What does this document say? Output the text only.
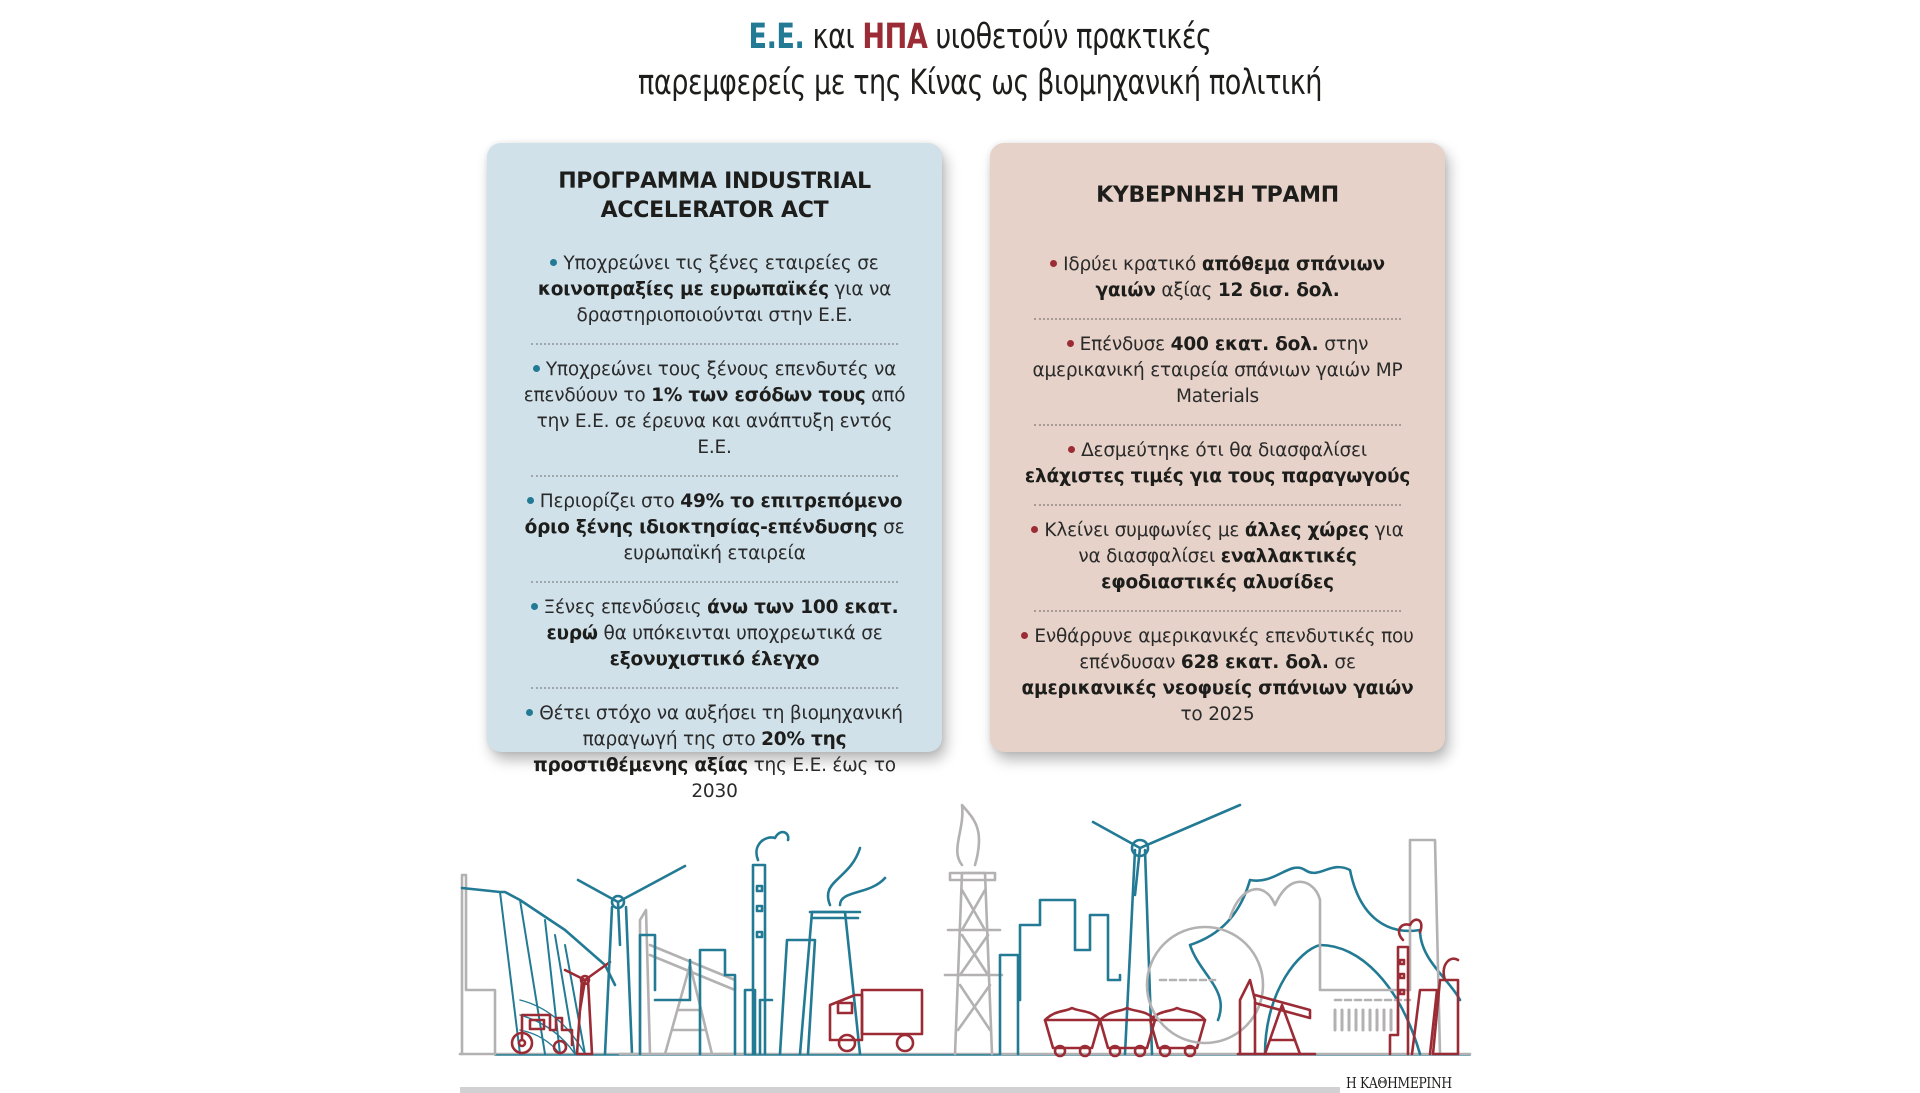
Ε.Ε. και ΗΠΑ υιοθετούν πρακτικές
παρεμφερείς με της Κίνας ως βιομηχανική πολιτική
ΠΡΟΓΡΑΜΜΑ INDUSTRIAL
ACCELERATOR ACT
Υποχρεώνει τις ξένες εταιρείες σε κοινοπραξίες με ευρωπαϊκές για να δραστηριοποιούνται στην Ε.Ε.
Υποχρεώνει τους ξένους επενδυτές να επενδύουν το 1% των εσόδων τους από την Ε.Ε. σε έρευνα και ανάπτυξη εντός Ε.Ε.
Περιορίζει στο 49% το επιτρεπόμενο όριο ξένης ιδιοκτησίας-επένδυσης σε ευρωπαϊκή εταιρεία
Ξένες επενδύσεις άνω των 100 εκατ. ευρώ θα υπόκεινται υποχρεωτικά σε εξονυχιστικό έλεγχο
Θέτει στόχο να αυξήσει τη βιομηχανική παραγωγή της στο 20% της προστιθέμενης αξίας της Ε.Ε. έως το 2030
ΚΥΒΕΡΝΗΣΗ ΤΡΑΜΠ
Ιδρύει κρατικό απόθεμα σπάνιων γαιών αξίας 12 δισ. δολ.
Επένδυσε 400 εκατ. δολ. στην αμερικανική εταιρεία σπάνιων γαιών MP Materials
Δεσμεύτηκε ότι θα διασφαλίσει ελάχιστες τιμές για τους παραγωγούς
Κλείνει συμφωνίες με άλλες χώρες για να διασφαλίσει εναλλακτικές εφοδιαστικές αλυσίδες
Ενθάρρυνε αμερικανικές επενδυτικές που επένδυσαν 628 εκατ. δολ. σε αμερικανικές νεοφυείς σπάνιων γαιών το 2025
Η ΚΑΘΗΜΕΡΙΝΗ
